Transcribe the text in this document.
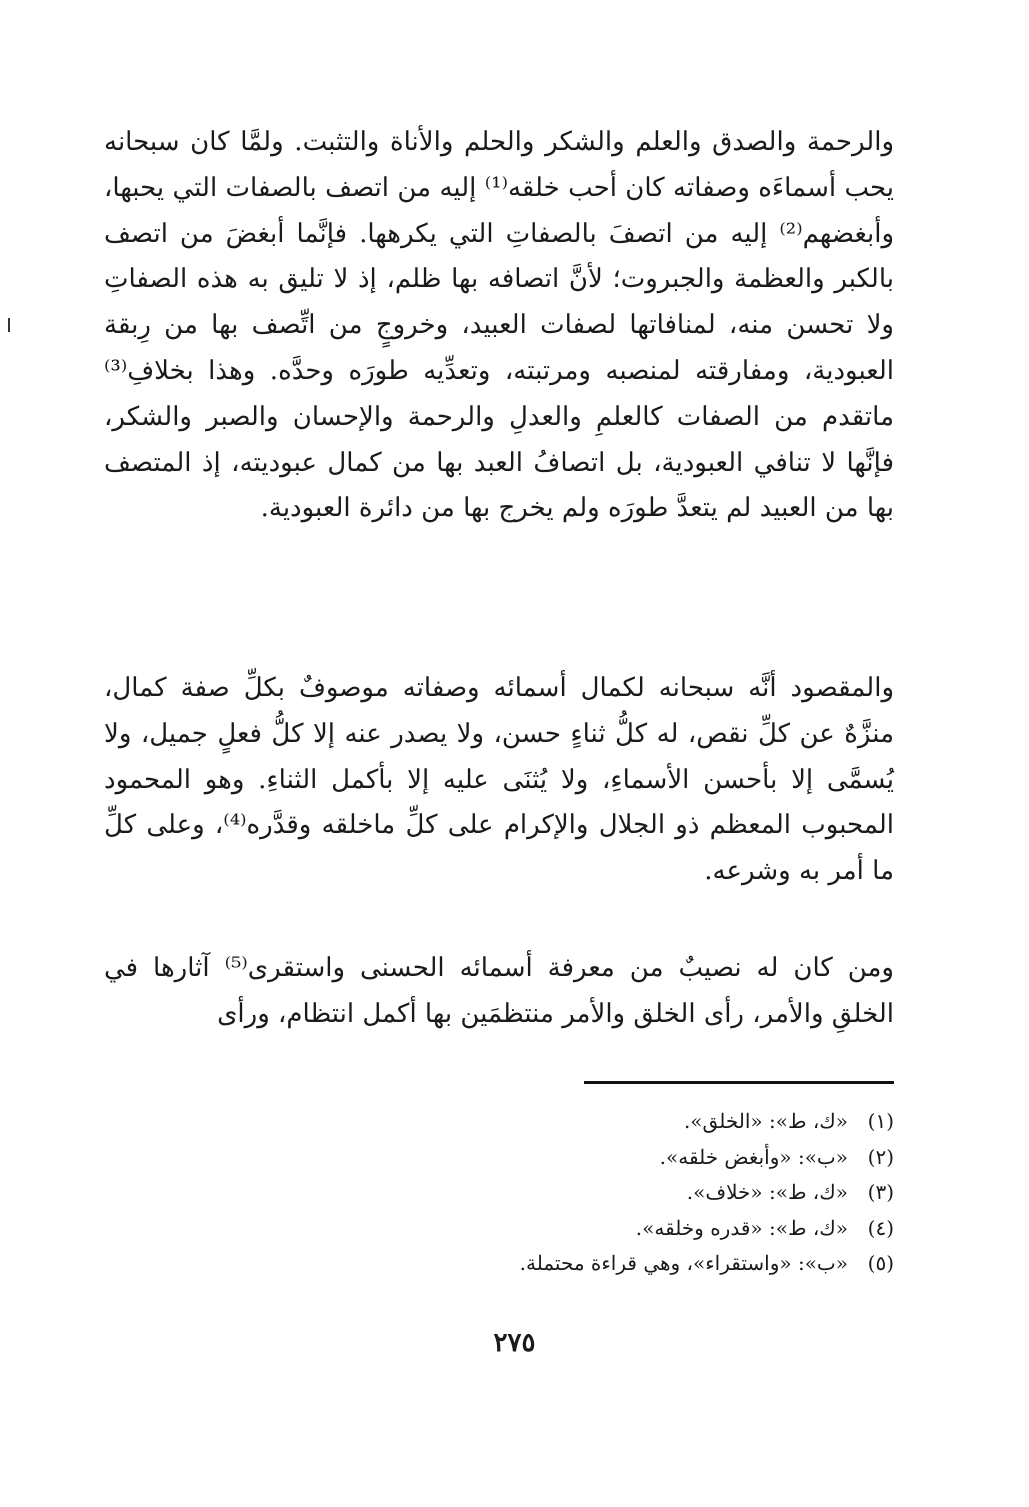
والرحمة والصدق والعلم والشكر والحلم والأناة والتثبت. ولمَّا كان سبحانه يحب أسماءَه وصفاته كان أحب خلقه⁽¹⁾ إليه من اتصف بالصفات التي يحبها، وأبغضهم⁽²⁾ إليه من اتصفَ بالصفاتِ التي يكرهها. فإنَّما أبغضَ من اتصف بالكبر والعظمة والجبروت؛ لأنَّ اتصافه بها ظلم، إذ لا تليق به هذه الصفاتِ ولا تحسن منه، لمنافاتها لصفات العبيد، وخروجٍ من اتِّصف بها من رِبقة العبودية، ومفارقته لمنصبه ومرتبته، وتعدِّيه طورَه وحدَّه. وهذا بخلافِ⁽³⁾ ماتقدم من الصفات كالعلمِ والعدلِ والرحمة والإحسان والصبر والشكر، فإنَّها لا تنافي العبودية، بل اتصافُ العبد بها من كمال عبوديته، إذ المتصف بها من العبيد لم يتعدَّ طورَه ولم يخرج بها من دائرة العبودية.

والمقصود أنَّه سبحانه لكمال أسمائه وصفاته موصوفٌ بكلِّ صفة كمال، منزَّهٌ عن كلِّ نقص، له كلُّ ثناءٍ حسن، ولا يصدر عنه إلا كلُّ فعلٍ جميل، ولا يُسمَّى إلا بأحسن الأسماءِ، ولا يُثنَى عليه إلا بأكمل الثناءِ. وهو المحمود المحبوب المعظم ذو الجلال والإكرام على كلِّ ماخلقه وقدَّره⁽⁴⁾، وعلى كلِّ ما أمر به وشرعه.

ومن كان له نصيبٌ من معرفة أسمائه الحسنى واستقرى⁽⁵⁾ آثارها في الخلقِ والأمر، رأى الخلق والأمر منتظمَين بها أكمل انتظام، ورأى

(١)
«ك، ط»: «الخلق».
(٢)
«ب»: «وأبغض خلقه».
(٣)
«ك، ط»: «خلاف».
(٤)
«ك، ط»: «قدره وخلقه».
(٥)
«ب»: «واستقراء»، وهي قراءة محتملة.

٢٧٥
